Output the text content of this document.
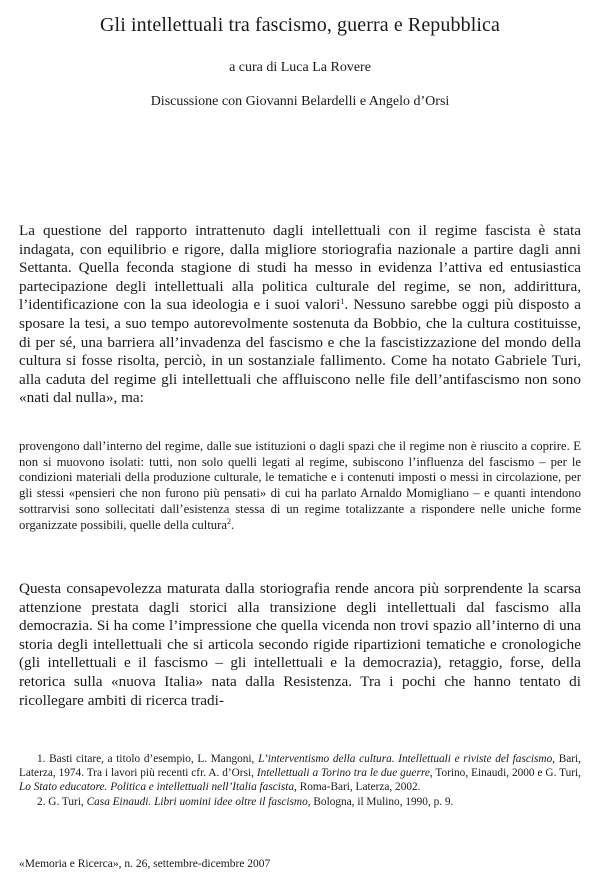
Gli intellettuali tra fascismo, guerra e Repubblica
a cura di Luca La Rovere
Discussione con Giovanni Belardelli e Angelo d’Orsi

La questione del rapporto intrattenuto dagli intellettuali con il regime fascista è stata indagata, con equilibrio e rigore, dalla migliore storiografia nazionale a partire dagli anni Settanta. Quella feconda stagione di studi ha messo in evidenza l’attiva ed entusiastica partecipazione degli intellettuali alla politica culturale del regime, se non, addirittura, l’identificazione con la sua ideologia e i suoi valori$^1$. Nessuno sarebbe oggi più disposto a sposare la tesi, a suo tempo autorevolmente sostenuta da Bobbio, che la cultura costituisse, di per sé, una barriera all’invadenza del fascismo e che la fascistizzazione del mondo della cultura si fosse risolta, perciò, in un sostanziale fallimento. Come ha notato Gabriele Turi, alla caduta del regime gli intellettuali che affluiscono nelle file dell’antifascismo non sono «nati dal nulla», ma:

provengono dall’interno del regime, dalle sue istituzioni o dagli spazi che il regime non è riuscito a coprire. E non si muovono isolati: tutti, non solo quelli legati al regime, subiscono l’influenza del fascismo – per le condizioni materiali della produzione culturale, le tematiche e i contenuti imposti o messi in circolazione, per gli stessi «pensieri che non furono più pensati» di cui ha parlato Arnaldo Momigliano – e quanti intendono sottrarvisi sono sollecitati dall’esistenza stessa di un regime totalizzante a rispondere nelle uniche forme organizzate possibili, quelle della cultura$^2$.

Questa consapevolezza maturata dalla storiografia rende ancora più sorprendente la scarsa attenzione prestata dagli storici alla transizione degli intellettuali dal fascismo alla democrazia. Si ha come l’impressione che quella vicenda non trovi spazio all’interno di una storia degli intellettuali che si articola secondo rigide ripartizioni tematiche e cronologiche (gli intellettuali e il fascismo – gli intellettuali e la democrazia), retaggio, forse, della retorica sulla «nuova Italia» nata dalla Resistenza. Tra i pochi che hanno tentato di ricollegare ambiti di ricerca tradi-

1. Basti citare, a titolo d’esempio, L. Mangoni, L’interventismo della cultura. Intellettuali e riviste del fascismo, Bari, Laterza, 1974. Tra i lavori più recenti cfr. A. d’Orsi, Intellettuali a Torino tra le due guerre, Torino, Einaudi, 2000 e G. Turi, Lo Stato educatore. Politica e intellettuali nell’Italia fascista, Roma-Bari, Laterza, 2002.

2. G. Turi, Casa Einaudi. Libri uomini idee oltre il fascismo, Bologna, il Mulino, 1990, p. 9.

«Memoria e Ricerca», n. 26, settembre-dicembre 2007
